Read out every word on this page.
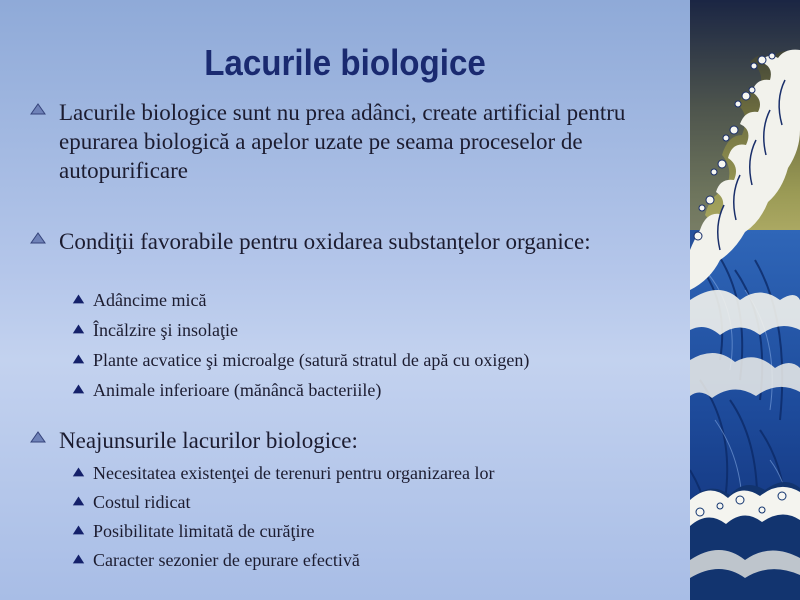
Lacurile biologice
Lacurile biologice sunt nu prea adânci, create artificial pentru epurarea biologică a apelor uzate pe seama proceselor de autopurificare
Condiţii favorabile pentru oxidarea substanţelor organice:
Adâncime mică
Încălzire şi insolaţie
Plante acvatice şi microalge (satură stratul de apă cu oxigen)
Animale inferioare (mănâncă bacteriile)
Neajunsurile lacurilor biologice:
Necesitatea existenţei de terenuri pentru organizarea lor
Costul ridicat
Posibilitate limitată de curăţire
Caracter sezonier de epurare efectivă
